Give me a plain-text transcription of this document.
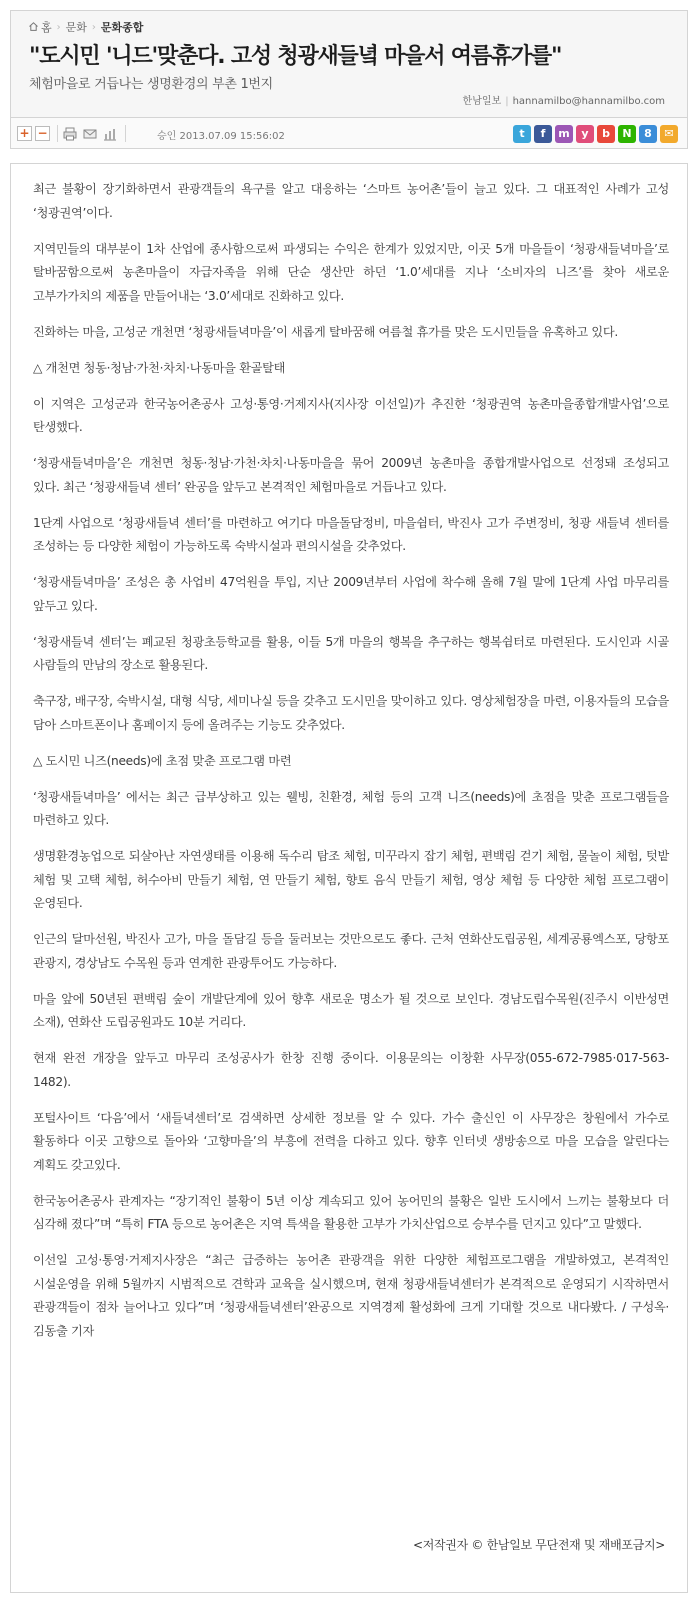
홈 › 문화 › 문화종합
"도시민 '니드'맞춘다. 고성 청광새들녘 마을서 여름휴가를"
체험마을로 거듭나는 생명환경의 부촌 1번지
한남일보 | hannamilbo@hannamilbo.com
+ −	승인 2013.07.09 15:56:02	t	f	m	y	b	N	8	✉

최근 불황이 장기화하면서 관광객들의 욕구를 알고 대응하는 ‘스마트 농어촌’들이 늘고 있다. 그 대표적인 사례가 고성 ‘청광권역’이다.

지역민들의 대부분이 1차 산업에 종사함으로써 파생되는 수익은 한계가 있었지만, 이곳 5개 마을들이 ‘청광새들녁마을’로 탈바꿈함으로써 농촌마을이 자급자족을 위해 단순 생산만 하던 ‘1.0’세대를 지나 ‘소비자의 니즈’를 찾아 새로운 고부가가치의 제품을 만들어내는 ‘3.0’세대로 진화하고 있다.

진화하는 마을, 고성군 개천면 ‘청광새들녁마을’이 새롭게 탈바꿈해 여름철 휴가를 맞은 도시민들을 유혹하고 있다.

△ 개천면 청동·청남·가천·차치·나동마을 환골탈태

이 지역은 고성군과 한국농어촌공사 고성·통영·거제지사(지사장 이선일)가 추진한 ‘청광권역 농촌마을종합개발사업’으로 탄생했다.

‘청광새들녁마을’은 개천면 청동·청남·가천·차치·나동마을을 묶어 2009년 농촌마을 종합개발사업으로 선정돼 조성되고 있다. 최근 ‘청광새들녁 센터’ 완공을 앞두고 본격적인 체험마을로 거듭나고 있다.

1단계 사업으로 ‘청광새들녁 센터’를 마련하고 여기다 마을돌담정비, 마을쉼터, 박진사 고가 주변정비, 청광 새들녁 센터를 조성하는 등 다양한 체험이 가능하도록 숙박시설과 편의시설을 갖추었다.

‘청광새들녁마을’ 조성은 총 사업비 47억원을 투입, 지난 2009년부터 사업에 착수해 올해 7월 말에 1단계 사업 마무리를 앞두고 있다.

‘청광새들녁 센터’는 폐교된 청광초등학교를 활용, 이들 5개 마을의 행복을 추구하는 행복쉼터로 마련된다. 도시인과 시골 사람들의 만남의 장소로 활용된다.

축구장, 배구장, 숙박시설, 대형 식당, 세미나실 등을 갖추고 도시민을 맞이하고 있다. 영상체험장을 마련, 이용자들의 모습을 담아 스마트폰이나 홈페이지 등에 올려주는 기능도 갖추었다.

△ 도시민 니즈(needs)에 초점 맞춘 프로그램 마련

‘청광새들녁마을’ 에서는 최근 급부상하고 있는 웰빙, 친환경, 체험 등의 고객 니즈(needs)에 초점을 맞춘 프로그램들을 마련하고 있다.

생명환경농업으로 되살아난 자연생태를 이용해 독수리 탐조 체험, 미꾸라지 잡기 체험, 편백림 걷기 체험, 물놀이 체험, 텃밭 체험 및 고택 체험, 허수아비 만들기 체험, 연 만들기 체험, 향토 음식 만들기 체험, 영상 체험 등 다양한 체험 프로그램이 운영된다.

인근의 달마선원, 박진사 고가, 마을 돌담길 등을 둘러보는 것만으로도 좋다. 근처 연화산도립공원, 세계공룡엑스포, 당항포 관광지, 경상남도 수목원 등과 연계한 관광투어도 가능하다.

마을 앞에 50년된 편백림 숲이 개발단계에 있어 향후 새로운 명소가 될 것으로 보인다. 경남도립수목원(진주시 이반성면 소재), 연화산 도립공원과도 10분 거리다.

현재 완전 개장을 앞두고 마무리 조성공사가 한창 진행 중이다. 이용문의는 이창환 사무장(055-672-7985·017-563-1482).

포털사이트 ‘다음’에서 ‘새들녁센터’로 검색하면 상세한 정보를 알 수 있다. 가수 출신인 이 사무장은 창원에서 가수로 활동하다 이곳 고향으로 돌아와 ‘고향마을’의 부흥에 전력을 다하고 있다. 향후 인터넷 생방송으로 마을 모습을 알린다는 계획도 갖고있다.

한국농어촌공사 관계자는 “장기적인 불황이 5년 이상 계속되고 있어 농어민의 불황은 일반 도시에서 느끼는 불황보다 더 심각해 졌다”며 “특히 FTA 등으로 농어촌은 지역 특색을 활용한 고부가 가치산업으로 승부수를 던지고 있다”고 말했다.

이선일 고성·통영·거제지사장은 “최근 급증하는 농어촌 관광객을 위한 다양한 체험프로그램을 개발하였고, 본격적인 시설운영을 위해 5월까지 시범적으로 견학과 교육을 실시했으며, 현재 청광새들녁센터가 본격적으로 운영되기 시작하면서 관광객들이 점차 늘어나고 있다”며 ‘청광새들녁센터’완공으로 지역경제 활성화에 크게 기대할 것으로 내다봤다. / 구성옥·김동출 기자

<저작권자 © 한남일보 무단전재 및 재배포금지>
